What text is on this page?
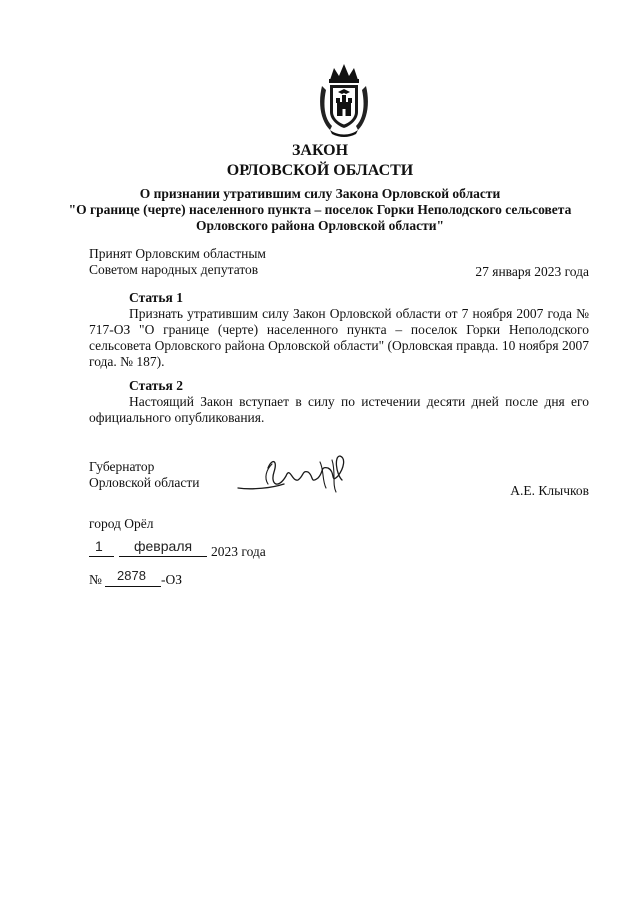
ЗАКОН
ОРЛОВСКОЙ ОБЛАСТИ
О признании утратившим силу Закона Орловской области
"О границе (черте) населенного пункта – поселок Горки Неполодского сельсовета
Орловского района Орловской области"
Принят Орловским областным
Советом народных депутатов	27 января 2023 года
Статья 1

Признать утратившим силу Закон Орловской области от 7 ноября 2007 года № 717-ОЗ "О границе (черте) населенного пункта – поселок Горки Неполодского сельсовета Орловского района Орловской области" (Орловская правда. 10 ноября 2007 года. № 187).

Статья 2

Настоящий Закон вступает в силу по истечении десяти дней после дня его официального опубликования.

Губернатор
Орловской области
А.Е. Клычков
город Орёл
1 февраля 2023 года
№ 2878 -ОЗ
